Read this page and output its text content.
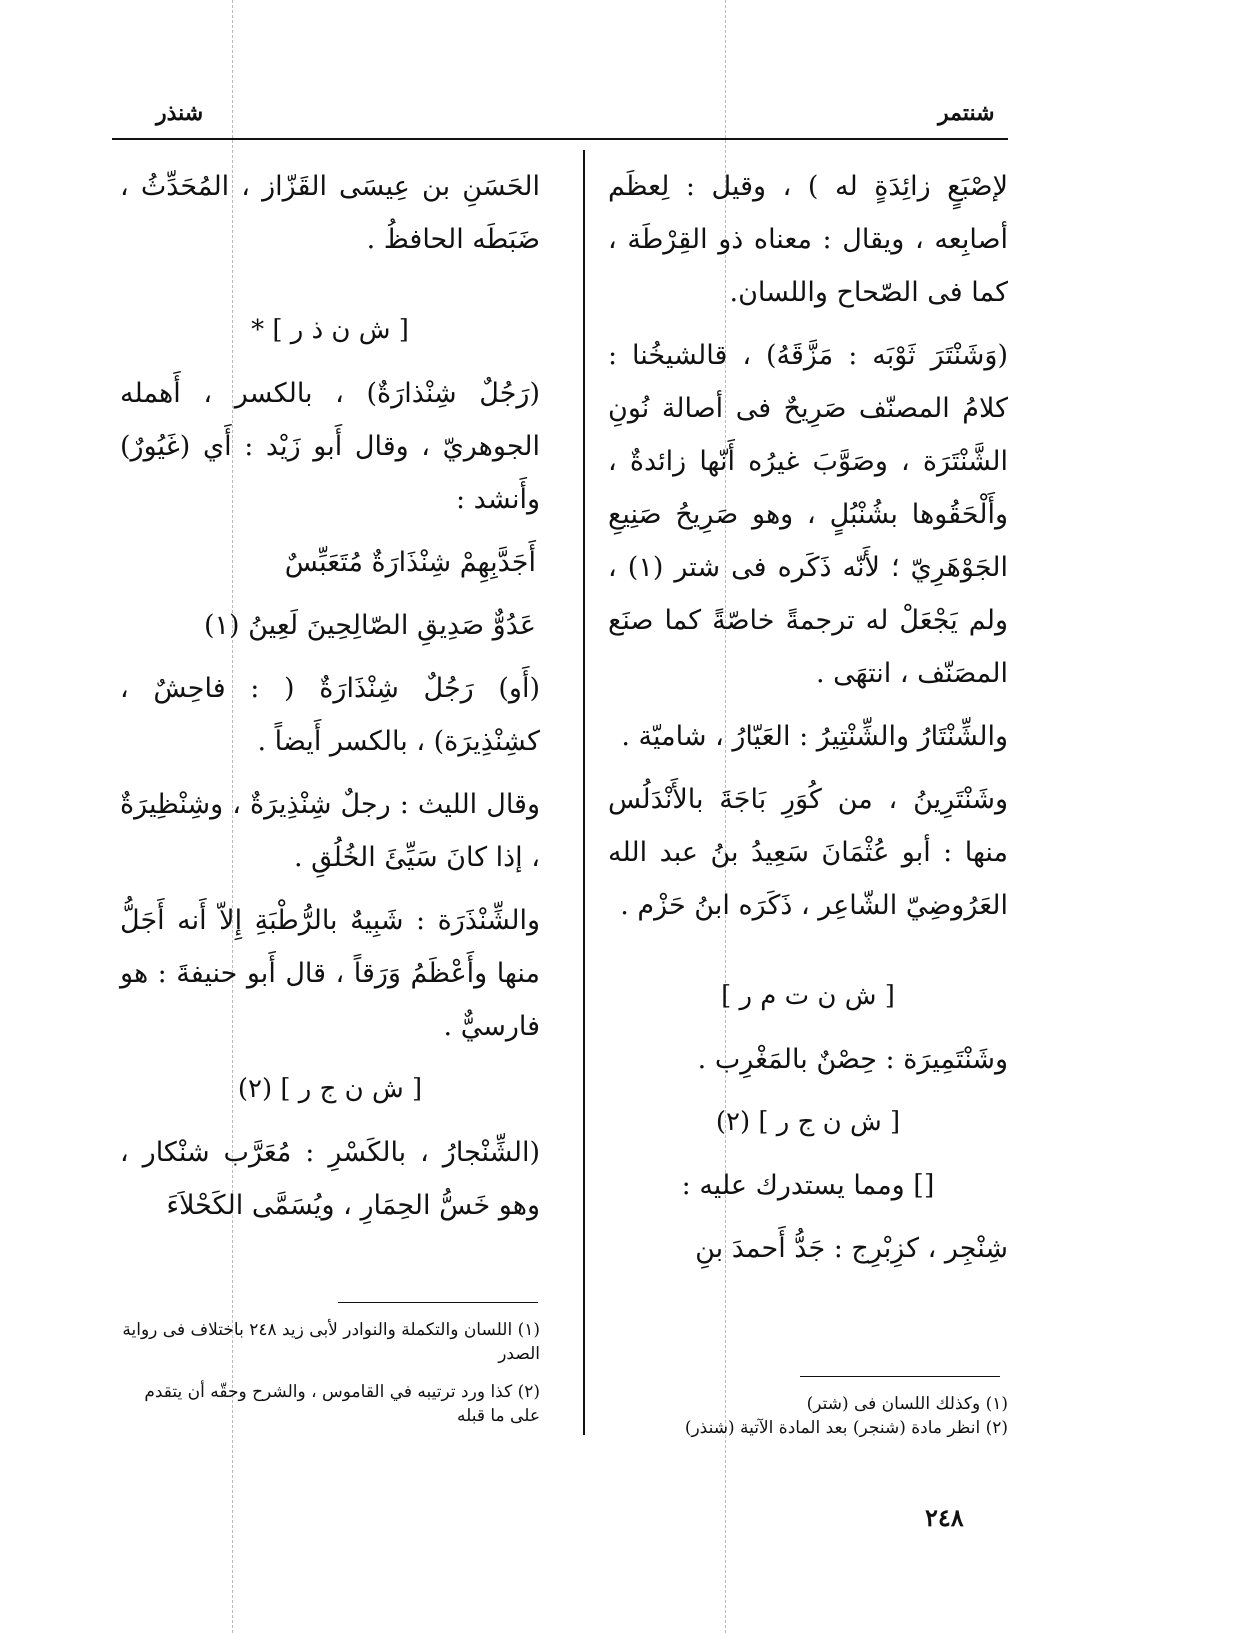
شنتمر
شنذر

لإصْبَعٍ زائِدَةٍ له ) ، وقيل : لِعظَم أصابِعه ، ويقال : معناه ذو القِرْطَة ، كما فى الصّحاح واللسان.

(وَشَنْتَرَ ثَوْبَه : مَزَّقَهُ) ، قالشيخُنا : كلامُ المصنّف صَرِيحٌ فى أصالة نُونِ الشَّنْتَرَة ، وصَوَّبَ غيرُه أَنّها زائدةٌ ، وأَلْحَقُوها بشُنْبُلٍ ، وهو صَرِيحُ صَنِيعِ الجَوْهَرِيّ ؛ لأَنّه ذَكَره فى شتر (١) ، ولم يَجْعَلْ له ترجمةً خاصّةً كما صنَع المصَنّف ، انتهَى .

والشِّنْتَارُ والشِّنْتِيرُ : العَيّارُ ، شاميّة .

وشَنْتَرِينُ ، من كُوَرِ بَاجَةَ بالأَنْدَلُس منها : أبو عُثْمَانَ سَعِيدُ بنُ عبد الله العَرُوضِيّ الشّاعِر ، ذَكَرَه ابنُ حَزْم .

[ ش ن ت م ر ]

وشَنْتَمِيرَة : حِصْنٌ بالمَغْرِب .

[ ش ن ج ر ] (٢)

[] ومما يستدرك عليه :

شِنْجِر ، كزِبْرِج : جَدُّ أَحمدَ بنِ

الحَسَنِ بن عِيسَى القَزّاز ، المُحَدِّثُ ، ضَبَطَه الحافظُ .

[ ش ن ذ ر ] *

(رَجُلٌ شِنْذارَةٌ) ، بالكسر ، أَهمله الجوهريّ ، وقال أَبو زَيْد : أَي (غَيُورٌ) وأَنشد :

أَجَدَّبِهِمْ شِنْذَارَةٌ مُتَعَبِّسٌ

عَدُوٌّ صَدِيقِ الصّالِحِينَ لَعِينُ (١)

(أَو) رَجُلٌ شِنْذَارَةٌ ( : فاحِشٌ ، كشِنْذِيرَة) ، بالكسر أَيضاً .

وقال الليث : رجلٌ شِنْذِيرَةٌ ، وشِنْظِيرَةٌ ، إذا كانَ سَيِّئَ الخُلُقِ .

والشِّنْذَرَة : شَبِيهٌ بالرُّطْبَةِ إِلاّ أَنه أَجَلُّ منها وأَعْظَمُ وَرَقاً ، قال أَبو حنيفةَ : هو فارسيٌّ .

[ ش ن ج ر ] (٢)

(الشِّنْجارُ ، بالكَسْرِ : مُعَرَّب شنْكار ، وهو خَسُّ الحِمَارِ ، ويُسَمَّى الكَحْلاَءَ

(١) وكذلك اللسان فى (شتر)
(٢) انظر مادة (شنجر) بعد المادة الآتية (شنذر)
(١) اللسان والتكملة والنوادر لأبى زيد ٢٤٨ باختلاف فى رواية الصدر
(٢) كذا ورد ترتيبه في القاموس ، والشرح وحقّه أن يتقدم على ما قبله
٢٤٨
